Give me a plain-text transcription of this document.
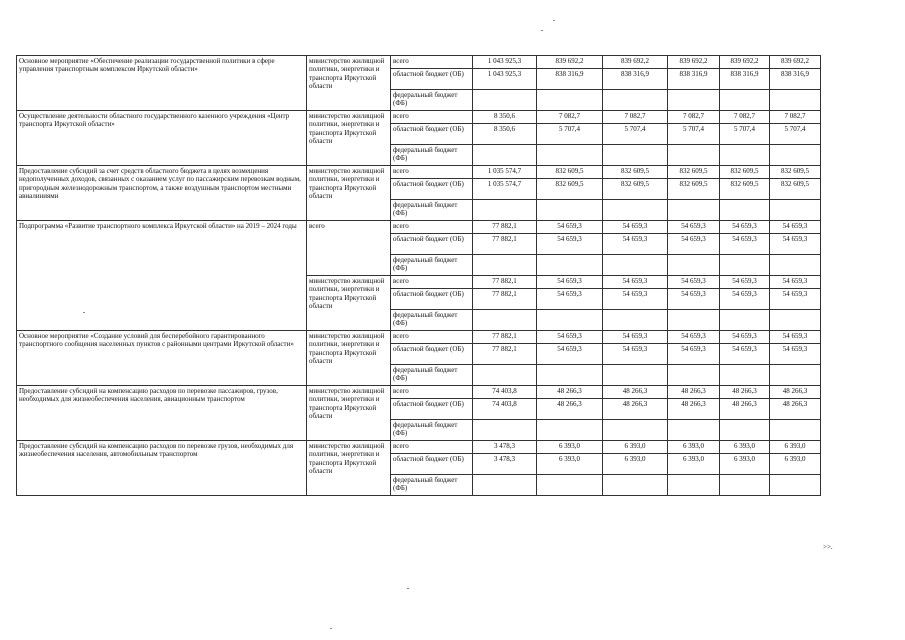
Основное мероприятие «Обеспечение реализации государственной политики в сфере управления транспортным комплексом Иркутской области»	министерство жилищной политики, энергетики и транспорта Иркутской области	всего	1 043 925,3	839 692,2	839 692,2	839 692,2	839 692,2	839 692,2
		областной бюджет (ОБ)	1 043 925,3	838 316,9	838 316,9	838 316,9	838 316,9	838 316,9
		федеральный бюджет (ФБ)						
Осуществление деятельности областного государственного казенного учреждения «Центр транспорта Иркутской области»	министерство жилищной политики, энергетики и транспорта Иркутской области	всего	8 350,6	7 082,7	7 082,7	7 082,7	7 082,7	7 082,7
		областной бюджет (ОБ)	8 350,6	5 707,4	5 707,4	5 707,4	5 707,4	5 707,4
		федеральный бюджет (ФБ)						
Предоставление субсидий за счет средств областного бюджета в целях возмещения недополученных доходов, связанных с оказанием услуг по пассажирским перевозкам водным, пригородным железнодорожным транспортом, а также воздушным транспортом местными авиалиниями	министерство жилищной политики, энергетики и транспорта Иркутской области	всего	1 035 574,7	832 609,5	832 609,5	832 609,5	832 609,5	832 609,5
		областной бюджет (ОБ)	1 035 574,7	832 609,5	832 609,5	832 609,5	832 609,5	832 609,5
		федеральный бюджет (ФБ)						
Подпрограмма «Развитие транспортного комплекса Иркутской области» на 2019 – 2024 годы	всего	всего	77 882,1	54 659,3	54 659,3	54 659,3	54 659,3	54 659,3
		областной бюджет (ОБ)	77 882,1	54 659,3	54 659,3	54 659,3	54 659,3	54 659,3
		федеральный бюджет (ФБ)						
	министерство жилищной политики, энергетики и транспорта Иркутской области	всего	77 882,1	54 659,3	54 659,3	54 659,3	54 659,3	54 659,3
		областной бюджет (ОБ)	77 882,1	54 659,3	54 659,3	54 659,3	54 659,3	54 659,3
		федеральный бюджет (ФБ)						
Основное мероприятие «Создание условий для бесперебойного гарантированного транспортного сообщения населенных пунктов с районными центрами Иркутской области»	министерство жилищной политики, энергетики и транспорта Иркутской области	всего	77 882,1	54 659,3	54 659,3	54 659,3	54 659,3	54 659,3
		областной бюджет (ОБ)	77 882,1	54 659,3	54 659,3	54 659,3	54 659,3	54 659,3
		федеральный бюджет (ФБ)						
Предоставление субсидий на компенсацию расходов по перевозке пассажиров, грузов, необходимых для жизнеобеспечения населения, авиационным транспортом	министерство жилищной политики, энергетики и транспорта Иркутской области	всего	74 403,8	48 266,3	48 266,3	48 266,3	48 266,3	48 266,3
		областной бюджет (ОБ)	74 403,8	48 266,3	48 266,3	48 266,3	48 266,3	48 266,3
		федеральный бюджет (ФБ)						
Предоставление субсидий на компенсацию расходов по перевозке грузов, необходимых для жизнеобеспечения населения, автомобильным транспортом	министерство жилищной политики, энергетики и транспорта Иркутской области	всего	3 478,3	6 393,0	6 393,0	6 393,0	6 393,0	6 393,0
		областной бюджет (ОБ)	3 478,3	6 393,0	6 393,0	6 393,0	6 393,0	6 393,0
		федеральный бюджет (ФБ)						
>>.
